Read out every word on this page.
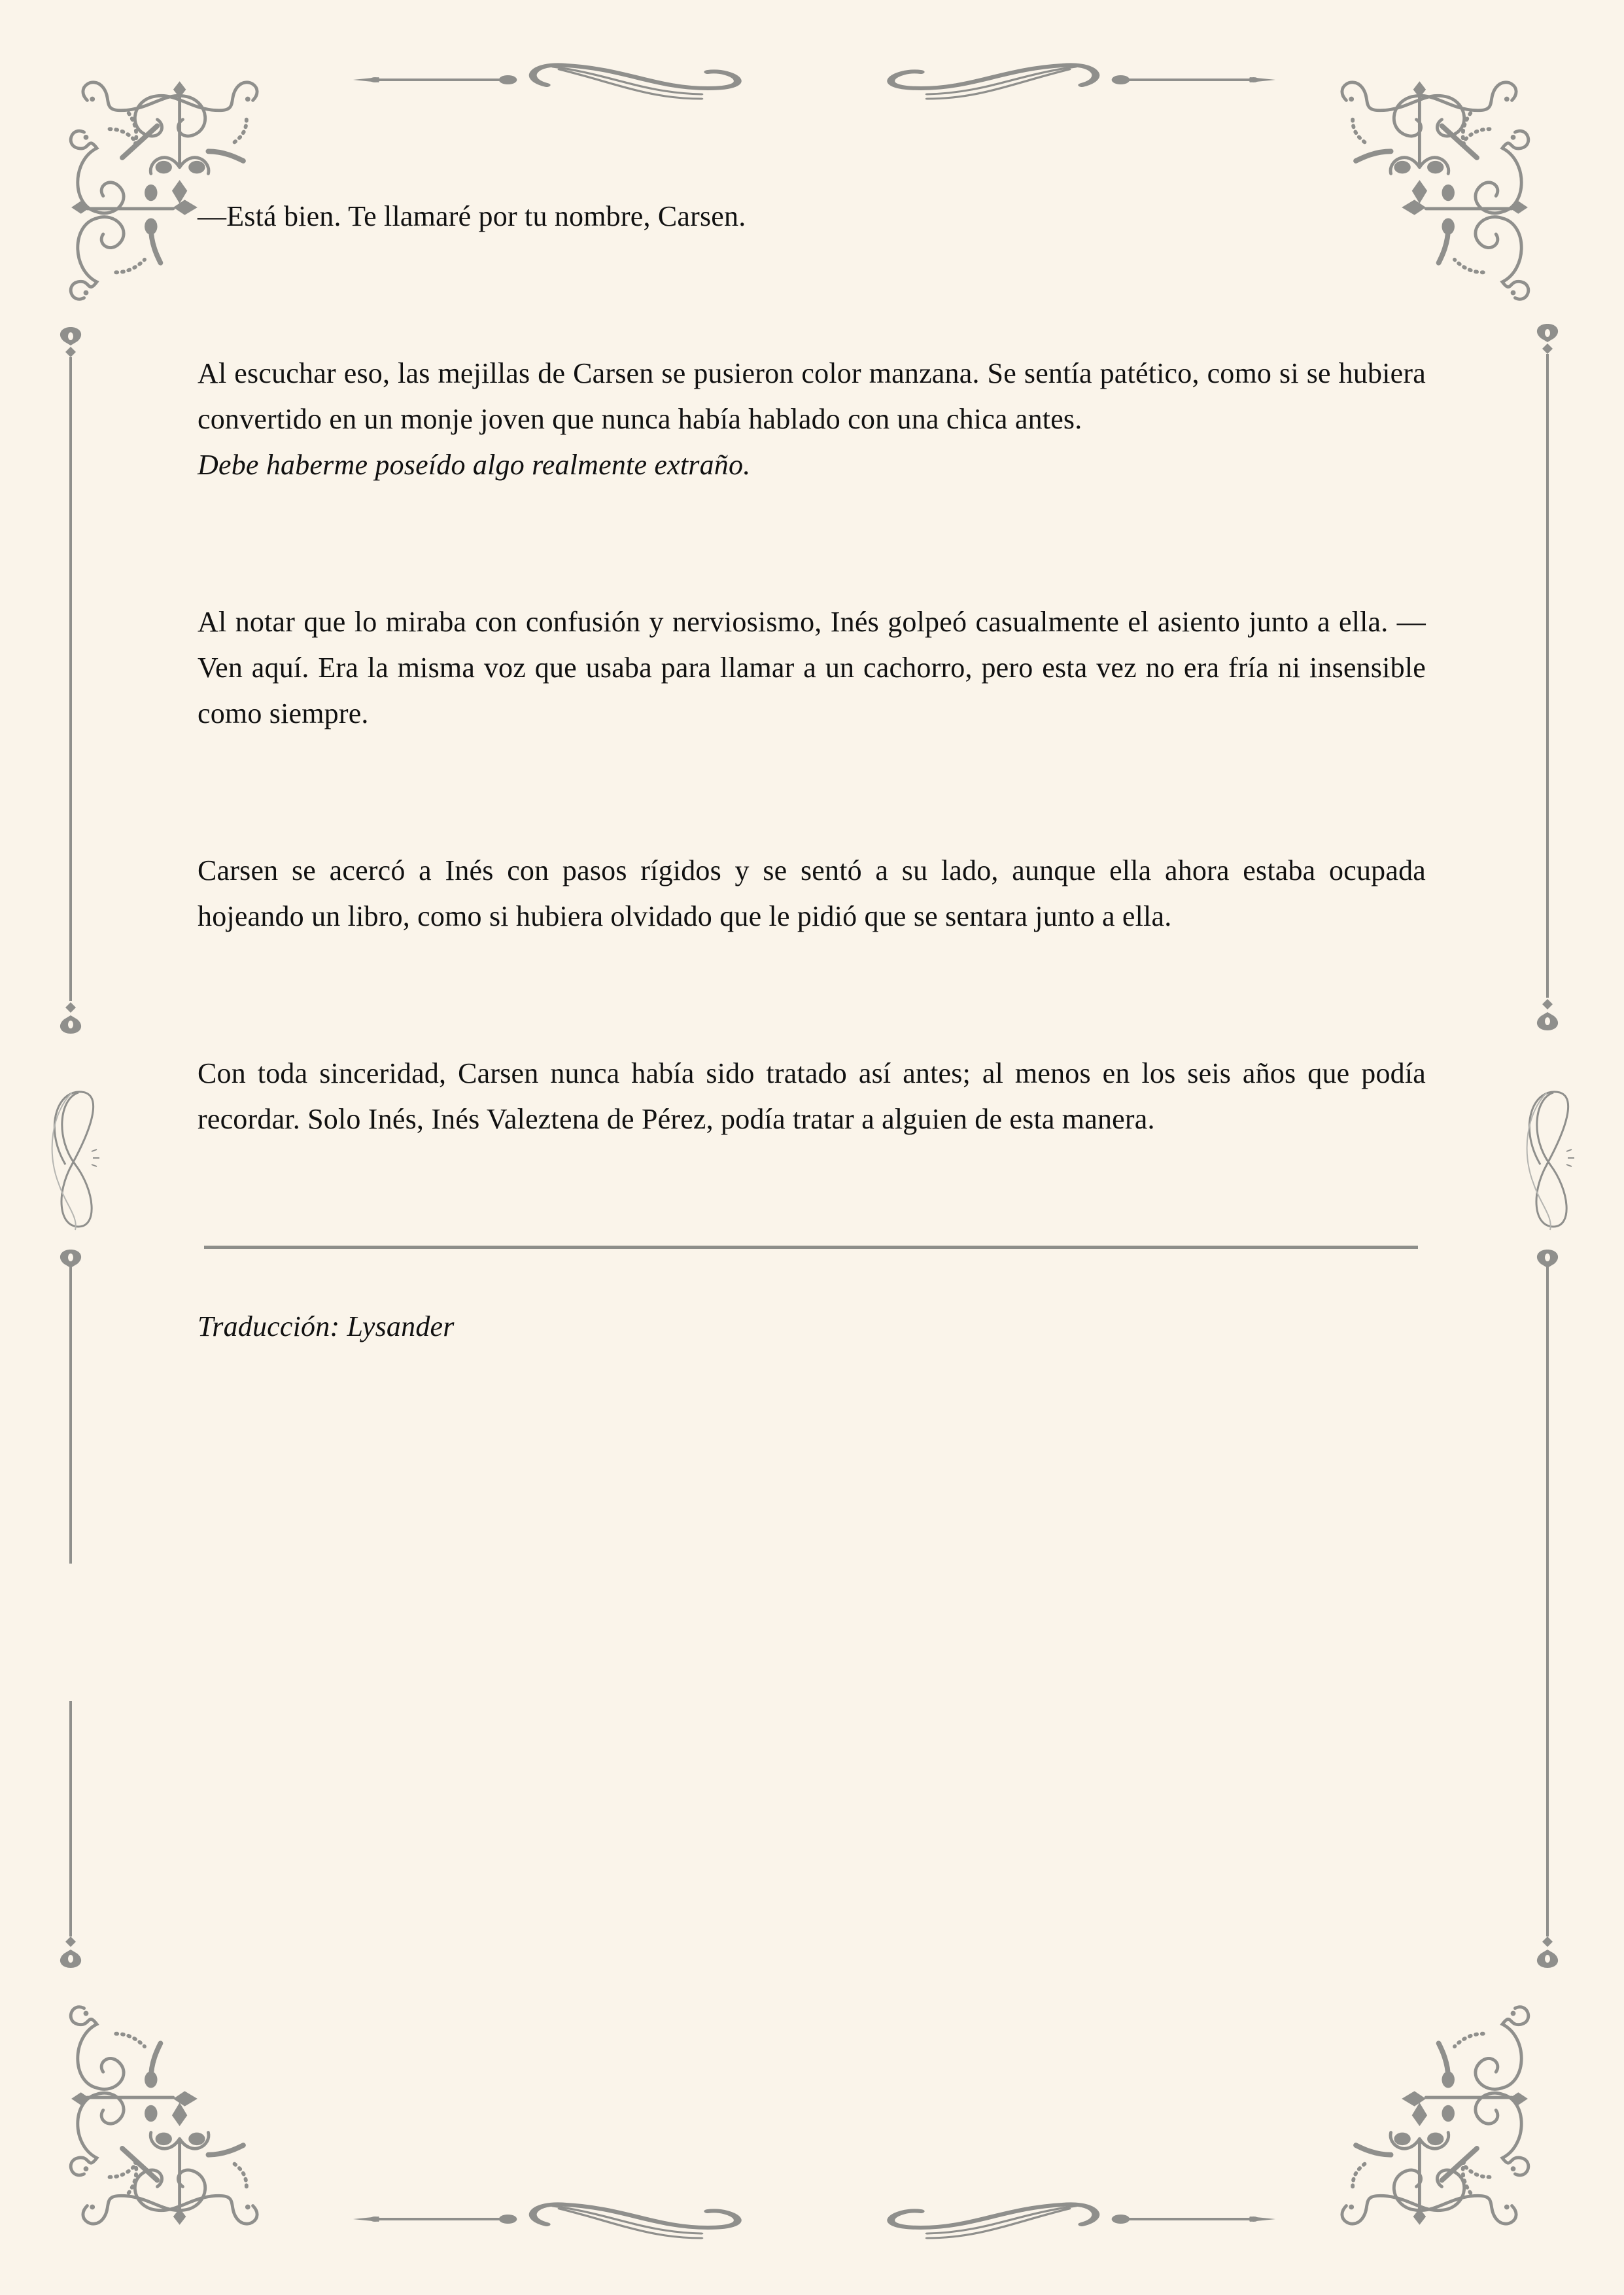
—Está bien. Te llamaré por tu nombre, Carsen.

Al escuchar eso, las mejillas de Carsen se pusieron color manzana. Se sentía patético, como si se hubiera convertido en un monje joven que nunca había hablado con una chica antes.

Debe haberme poseído algo realmente extraño.

Al notar que lo miraba con confusión y nerviosismo, Inés golpeó casualmente el asiento junto a ella. —Ven aquí. Era la misma voz que usaba para llamar a un cachorro, pero esta vez no era fría ni insensible como siempre.

Carsen se acercó a Inés con pasos rígidos y se sentó a su lado, aunque ella ahora estaba ocupada hojeando un libro, como si hubiera olvidado que le pidió que se sentara junto a ella.

Con toda sinceridad, Carsen nunca había sido tratado así antes; al menos en los seis años que podía recordar. Solo Inés, Inés Valeztena de Pérez, podía tratar a alguien de esta manera.

Traducción: Lysander
